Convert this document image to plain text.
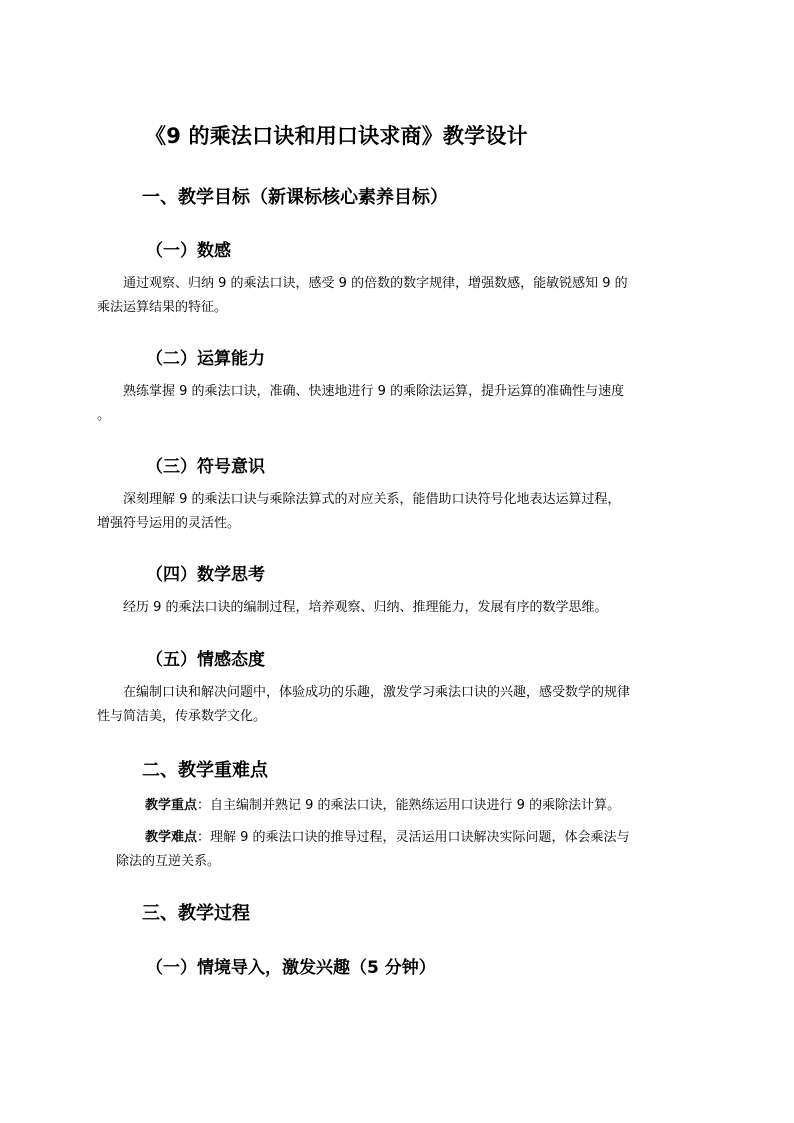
《9 的乘法口诀和用口诀求商》教学设计
一、教学目标（新课标核心素养目标）
（一）数感
通过观察、归纳 9 的乘法口诀，感受 9 的倍数的数字规律，增强数感，能敏锐感知 9 的
乘法运算结果的特征。
（二）运算能力
熟练掌握 9 的乘法口诀，准确、快速地进行 9 的乘除法运算，提升运算的准确性与速度
。
（三）符号意识
深刻理解 9 的乘法口诀与乘除法算式的对应关系，能借助口诀符号化地表达运算过程，
增强符号运用的灵活性。
（四）数学思考
经历 9 的乘法口诀的编制过程，培养观察、归纳、推理能力，发展有序的数学思维。
（五）情感态度
在编制口诀和解决问题中，体验成功的乐趣，激发学习乘法口诀的兴趣，感受数学的规律
性与简洁美，传承数学文化。
二、教学重难点
教学重点：自主编制并熟记 9 的乘法口诀，能熟练运用口诀进行 9 的乘除法计算。
教学难点：理解 9 的乘法口诀的推导过程，灵活运用口诀解决实际问题，体会乘法与
除法的互逆关系。
三、教学过程
（一）情境导入，激发兴趣（5 分钟）
